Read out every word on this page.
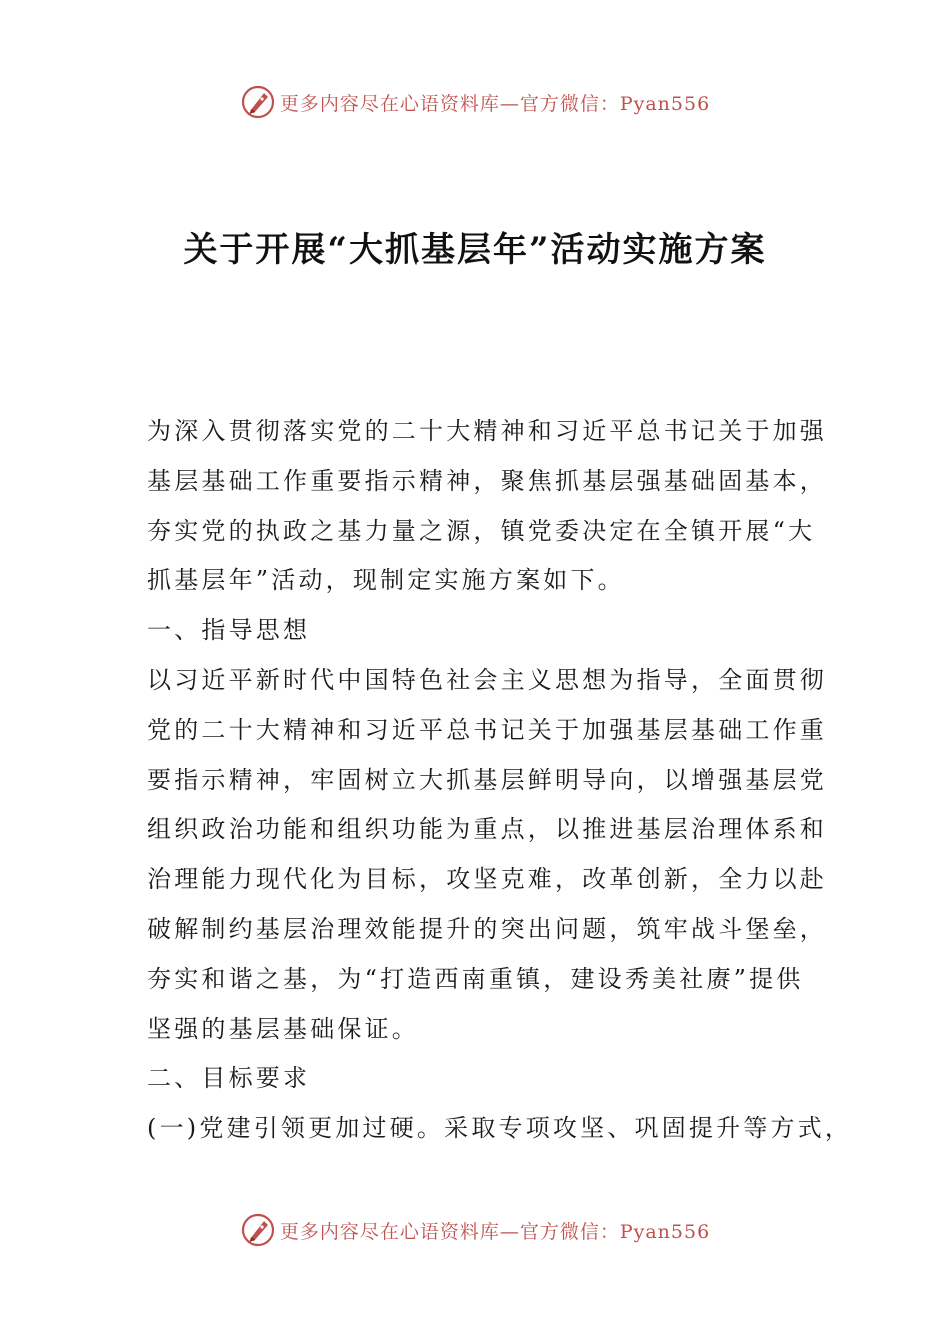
更多内容尽在心语资料库—官方微信：Pyan556
关于开展“大抓基层年”活动实施方案

为深入贯彻落实党的二十大精神和习近平总书记关于加强

基层基础工作重要指示精神，聚焦抓基层强基础固基本，

夯实党的执政之基力量之源，镇党委决定在全镇开展“大

抓基层年”活动，现制定实施方案如下。

一、指导思想

以习近平新时代中国特色社会主义思想为指导，全面贯彻

党的二十大精神和习近平总书记关于加强基层基础工作重

要指示精神，牢固树立大抓基层鲜明导向，以增强基层党

组织政治功能和组织功能为重点，以推进基层治理体系和

治理能力现代化为目标，攻坚克难，改革创新，全力以赴

破解制约基层治理效能提升的突出问题，筑牢战斗堡垒，

夯实和谐之基，为“打造西南重镇，建设秀美社赓”提供

坚强的基层基础保证。

二、目标要求

(一)党建引领更加过硬。采取专项攻坚、巩固提升等方式，

更多内容尽在心语资料库—官方微信：Pyan556
